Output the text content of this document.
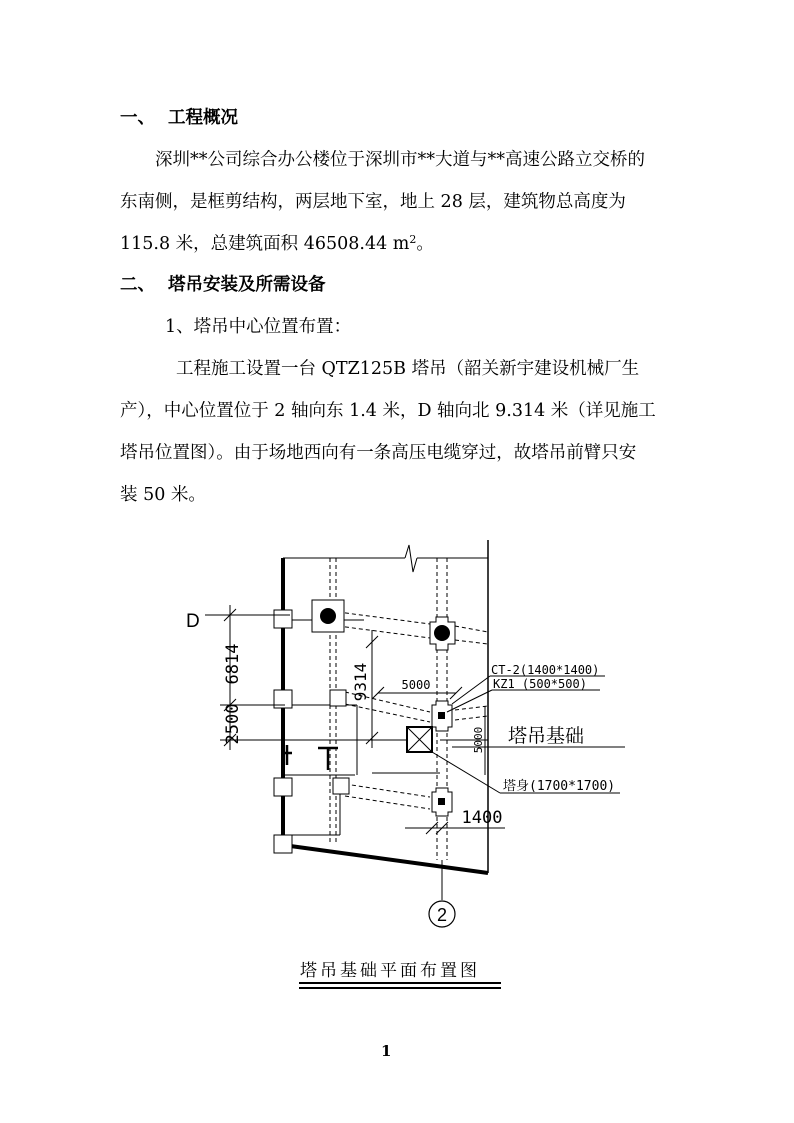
一、 工程概况
深圳**公司综合办公楼位于深圳市**大道与**高速公路立交桥的
东南侧，是框剪结构，两层地下室，地上 28 层，建筑物总高度为
115.8 米，总建筑面积 46508.44 $m^2$。
二、 塔吊安装及所需设备
1、塔吊中心位置布置：
工程施工设置一台 QTZ125B 塔吊（韶关新宇建设机械厂生
产），中心位置位于 2 轴向东 1.4 米，D 轴向北 9.314 米（详见施工
塔吊位置图）。由于场地西向有一条高压电缆穿过，故塔吊前臂只安
装 50 米。
6814
2500
9314	5000
5000
1400
CT-2(1400*1400)
KZ1 (500*500)
塔吊基础
塔身(1700*1700)
D
2
塔吊基础平面布置图
1
